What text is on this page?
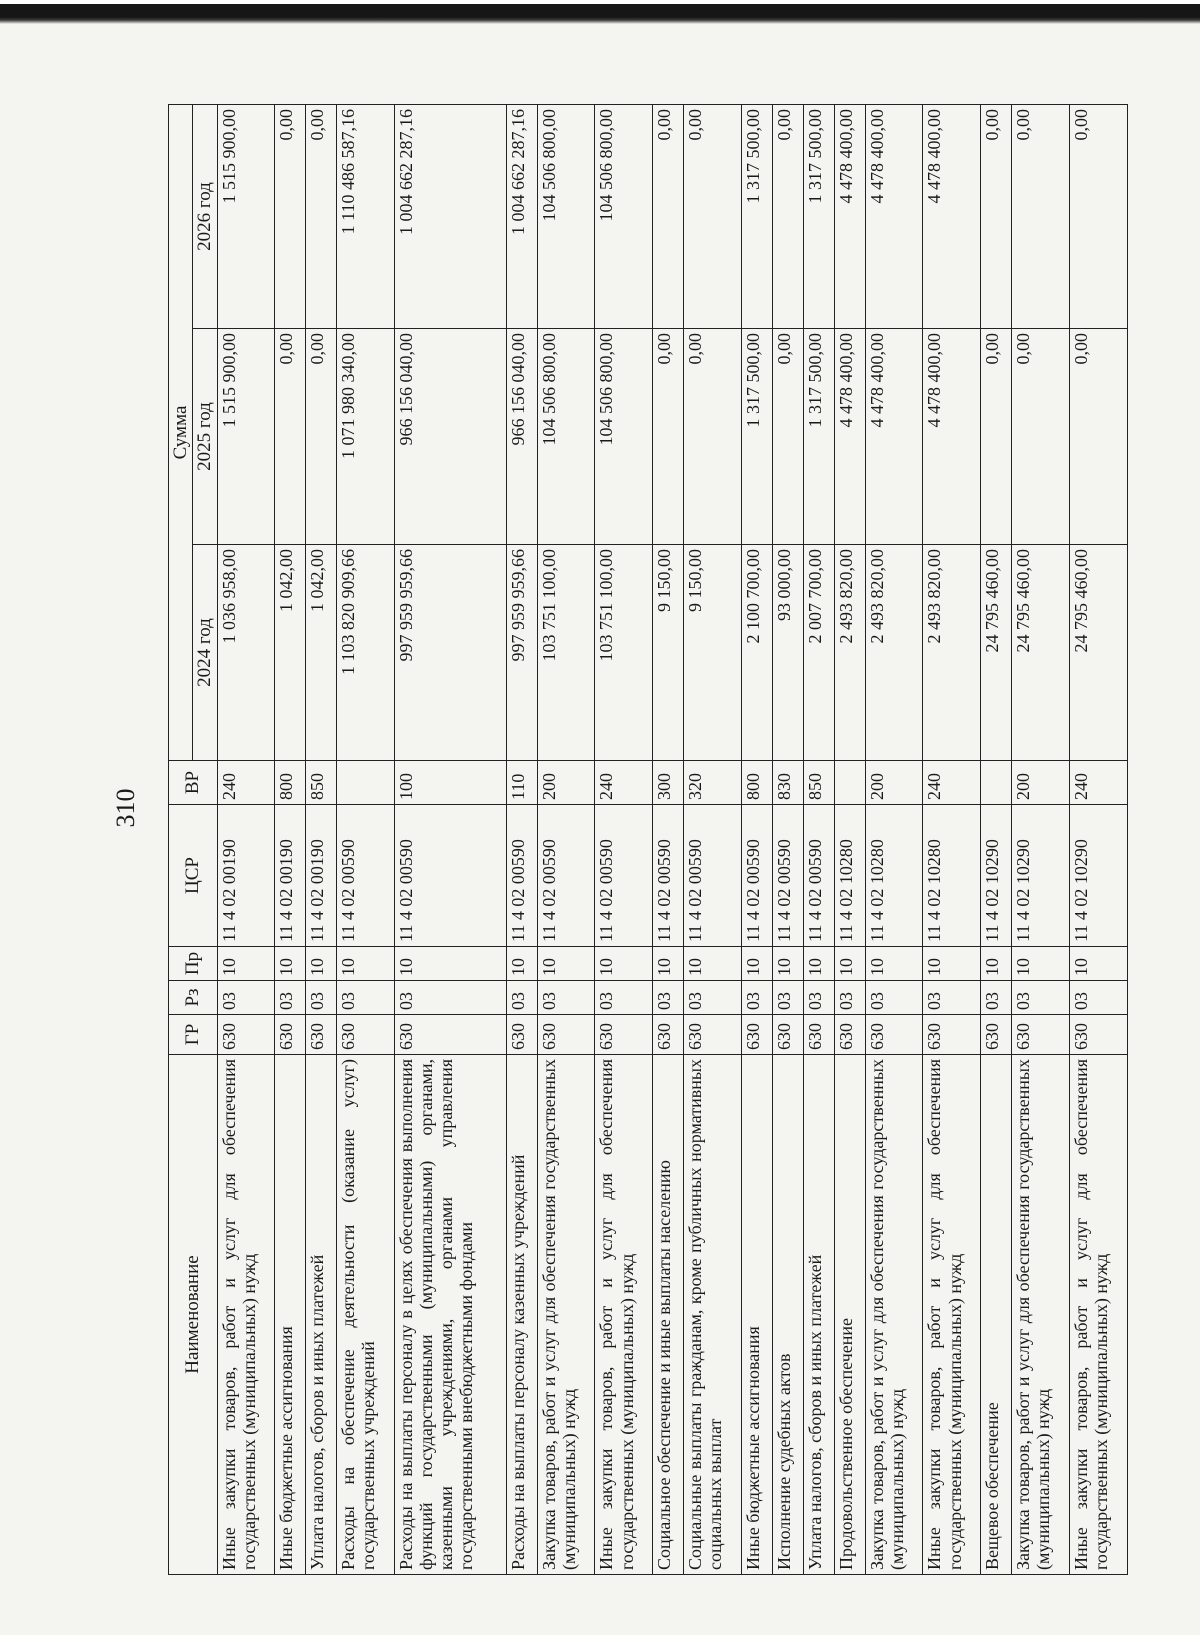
310
Наименование	ГР	Рз	Пр	ЦСР	ВР	Сумма		
						2024 год	2025 год	2026 год
Иные закупки товаров, работ и услуг для обеспечения государственных (муниципальных) нужд	630	03	10	11 4 02 00190	240	1 036 958,00	1 515 900,00	1 515 900,00
Иные бюджетные ассигнования	630	03	10	11 4 02 00190	800	1 042,00	0,00	0,00
Уплата налогов, сборов и иных платежей	630	03	10	11 4 02 00190	850	1 042,00	0,00	0,00
Расходы на обеспечение деятельности (оказание услуг) государственных учреждений	630	03	10	11 4 02 00590		1 103 820 909,66	1 071 980 340,00	1 110 486 587,16
Расходы на выплаты персоналу в целях обеспечения выполнения функций государственными (муниципальными) органами, казенными учреждениями, органами управления государственными внебюджетными фондами	630	03	10	11 4 02 00590	100	997 959 959,66	966 156 040,00	1 004 662 287,16
Расходы на выплаты персоналу казенных учреждений	630	03	10	11 4 02 00590	110	997 959 959,66	966 156 040,00	1 004 662 287,16
Закупка товаров, работ и услуг для обеспечения государственных (муниципальных) нужд	630	03	10	11 4 02 00590	200	103 751 100,00	104 506 800,00	104 506 800,00
Иные закупки товаров, работ и услуг для обеспечения государственных (муниципальных) нужд	630	03	10	11 4 02 00590	240	103 751 100,00	104 506 800,00	104 506 800,00
Социальное обеспечение и иные выплаты населению	630	03	10	11 4 02 00590	300	9 150,00	0,00	0,00
Социальные выплаты гражданам, кроме публичных нормативных социальных выплат	630	03	10	11 4 02 00590	320	9 150,00	0,00	0,00
Иные бюджетные ассигнования	630	03	10	11 4 02 00590	800	2 100 700,00	1 317 500,00	1 317 500,00
Исполнение судебных актов	630	03	10	11 4 02 00590	830	93 000,00	0,00	0,00
Уплата налогов, сборов и иных платежей	630	03	10	11 4 02 00590	850	2 007 700,00	1 317 500,00	1 317 500,00
Продовольственное обеспечение	630	03	10	11 4 02 10280		2 493 820,00	4 478 400,00	4 478 400,00
Закупка товаров, работ и услуг для обеспечения государственных (муниципальных) нужд	630	03	10	11 4 02 10280	200	2 493 820,00	4 478 400,00	4 478 400,00
Иные закупки товаров, работ и услуг для обеспечения государственных (муниципальных) нужд	630	03	10	11 4 02 10280	240	2 493 820,00	4 478 400,00	4 478 400,00
Вещевое обеспечение	630	03	10	11 4 02 10290		24 795 460,00	0,00	0,00
Закупка товаров, работ и услуг для обеспечения государственных (муниципальных) нужд	630	03	10	11 4 02 10290	200	24 795 460,00	0,00	0,00
Иные закупки товаров, работ и услуг для обеспечения государственных (муниципальных) нужд	630	03	10	11 4 02 10290	240	24 795 460,00	0,00	0,00
